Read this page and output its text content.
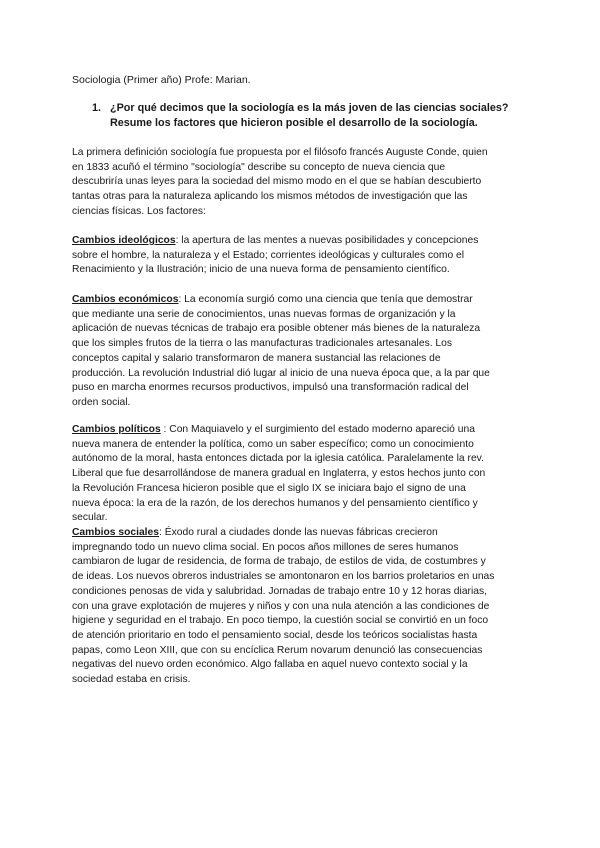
Sociologia (Primer año) Profe: Marian.
1. ¿Por qué decimos que la sociología es la más joven de las ciencias sociales?
Resume los factores que hicieron posible el desarrollo de la sociología.
La primera definición sociología fue propuesta por el filósofo francés Auguste Conde, quien
en 1833 acuñó el término "sociología" describe su concepto de nueva ciencia que
descubriría unas leyes para la sociedad del mismo modo en el que se habían descubierto
tantas otras para la naturaleza aplicando los mismos métodos de investigación que las
ciencias físicas. Los factores:
Cambios ideológicos: la apertura de las mentes a nuevas posibilidades y concepciones
sobre el hombre, la naturaleza y el Estado; corrientes ideológicas y culturales como el
Renacimiento y la Ilustración; inicio de una nueva forma de pensamiento científico.
Cambios económicos: La economía surgió como una ciencia que tenía que demostrar
que mediante una serie de conocimientos, unas nuevas formas de organización y la
aplicación de nuevas técnicas de trabajo era posible obtener más bienes de la naturaleza
que los simples frutos de la tierra o las manufacturas tradicionales artesanales. Los
conceptos capital y salario transformaron de manera sustancial las relaciones de
producción. La revolución Industrial dió lugar al inicio de una nueva época que, a la par que
puso en marcha enormes recursos productivos, impulsó una transformación radical del
orden social.
Cambios políticos : Con Maquiavelo y el surgimiento del estado moderno apareció una
nueva manera de entender la política, como un saber específico; como un conocimiento
autónomo de la moral, hasta entonces dictada por la iglesia católica. Paralelamente la rev.
Liberal que fue desarrollándose de manera gradual en Inglaterra, y estos hechos junto con
la Revolución Francesa hicieron posible que el siglo IX se iniciara bajo el signo de una
nueva época: la era de la razón, de los derechos humanos y del pensamiento científico y
secular.
Cambios sociales: Éxodo rural a ciudades donde las nuevas fábricas crecieron
impregnando todo un nuevo clima social. En pocos años millones de seres humanos
cambiaron de lugar de residencia, de forma de trabajo, de estilos de vida, de costumbres y
de ideas. Los nuevos obreros industriales se amontonaron en los barrios proletarios en unas
condiciones penosas de vida y salubridad. Jornadas de trabajo entre 10 y 12 horas diarias,
con una grave explotación de mujeres y niños y con una nula atención a las condiciones de
higiene y seguridad en el trabajo. En poco tiempo, la cuestión social se convirtió en un foco
de atención prioritario en todo el pensamiento social, desde los teóricos socialistas hasta
papas, como Leon XIII, que con su encíclica Rerum novarum denunció las consecuencias
negativas del nuevo orden económico. Algo fallaba en aquel nuevo contexto social y la
sociedad estaba en crisis.
